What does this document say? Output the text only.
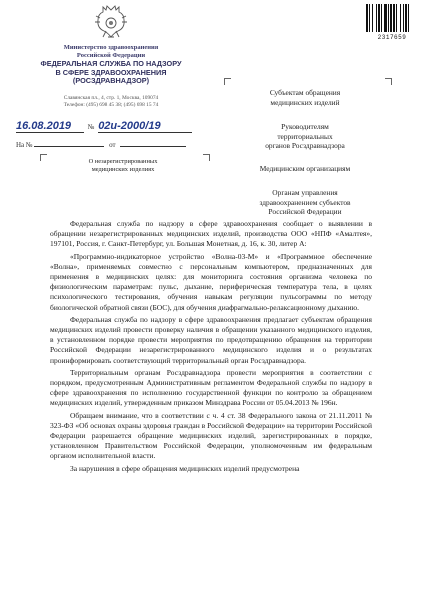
2317659
Министерство здравоохранения
Российской Федерации
ФЕДЕРАЛЬНАЯ СЛУЖБА ПО НАДЗОРУ
В СФЕРЕ ЗДРАВООХРАНЕНИЯ
(РОСЗДРАВНАДЗОР)
Славянская пл., 4, стр. 1, Москва, 109074
Телефон: (495) 698 45 38; (495) 698 15 74
16.08.2019 № 02и-2000/19
На №	от
О незарегистрированных
медицинских изделиях
Субъектам обращения
медицинских изделий
Руководителям
территориальных
органов Росздравнадзора
Медицинским организациям
Органам управления
здравоохранением субъектов
Российской Федерации

Федеральная служба по надзору в сфере здравоохранения сообщает о выявлении в обращении незарегистрированных медицинских изделий, производства ООО «НПФ «Амалтея», 197101, Россия, г. Санкт-Петербург, ул. Большая Монетная, д. 16, к. 30, литер А:

«Программно-индикаторное устройство «Волна-03-М» и «Программное обеспечение «Волна», применяемых совместно с персональным компьютером, предназначенных для применения в медицинских целях: для мониторинга состояния организма человека по физиологическим параметрам: пульс, дыхание, периферическая температура тела, в целях психологического тестирования, обучения навыкам регуляции пульсограммы по методу биологической обратной связи (БОС), для обучения диафрагмально-релаксационному дыханию.

Федеральная служба по надзору в сфере здравоохранения предлагает субъектам обращения медицинских изделий провести проверку наличия в обращении указанного медицинского изделия, в установленном порядке провести мероприятия по предотвращению обращения на территории Российской Федерации незарегистрированного медицинского изделия и о результатах проинформировать соответствующий территориальный орган Росздравнадзора.

Территориальным органам Росздравнадзора провести мероприятия в соответствии с порядком, предусмотренным Административным регламентом Федеральной службы по надзору в сфере здравоохранения по исполнению государственной функции по контролю за обращением медицинских изделий, утвержденным приказом Минздрава России от 05.04.2013 № 196н.

Обращаем внимание, что в соответствии с ч. 4 ст. 38 Федерального закона от 21.11.2011 № 323-ФЗ «Об основах охраны здоровья граждан в Российской Федерации» на территории Российской Федерации разрешается обращение медицинских изделий, зарегистрированных в порядке, установленном Правительством Российской Федерации, уполномоченным им федеральным органом исполнительной власти.

За нарушения в сфере обращения медицинских изделий предусмотрена
